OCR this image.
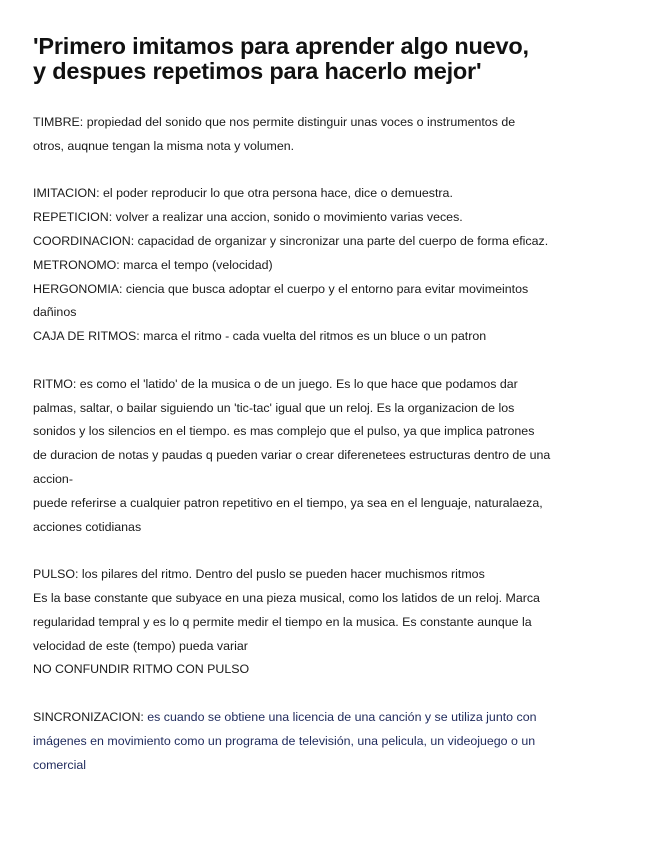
'Primero imitamos para aprender algo nuevo,
y despues repetimos para hacerlo mejor'

TIMBRE: propiedad del sonido que nos permite distinguir unas voces o instrumentos de
otros, auqnue tengan la misma nota y volumen.

IMITACION: el poder reproducir lo que otra persona hace, dice o demuestra.
REPETICION: volver a realizar una accion, sonido o movimiento varias veces.
COORDINACION: capacidad de organizar y sincronizar una parte del cuerpo de forma eficaz.
METRONOMO: marca el tempo (velocidad)
HERGONOMIA: ciencia que busca adoptar el cuerpo y el entorno para evitar movimeintos
dañinos
CAJA DE RITMOS: marca el ritmo - cada vuelta del ritmos es un bluce o un patron

RITMO: es como el 'latido' de la musica o de un juego. Es lo que hace que podamos dar
palmas, saltar, o bailar siguiendo un 'tic-tac' igual que un reloj. Es la organizacion de los
sonidos y los silencios en el tiempo. es mas complejo que el pulso, ya que implica patrones
de duracion de notas y paudas q pueden variar o crear diferenetees estructuras dentro de una
accion-
puede referirse a cualquier patron repetitivo en el tiempo, ya sea en el lenguaje, naturalaeza,
acciones cotidianas

PULSO: los pilares del ritmo. Dentro del puslo se pueden hacer muchismos ritmos
Es la base constante que subyace en una pieza musical, como los latidos de un reloj. Marca
regularidad tempral y es lo q permite medir el tiempo en la musica. Es constante aunque la
velocidad de este (tempo) pueda variar
NO CONFUNDIR RITMO CON PULSO

SINCRONIZACION: es cuando se obtiene una licencia de una canción y se utiliza junto con
imágenes en movimiento como un programa de televisión, una pelicula, un videojuego o un
comercial
